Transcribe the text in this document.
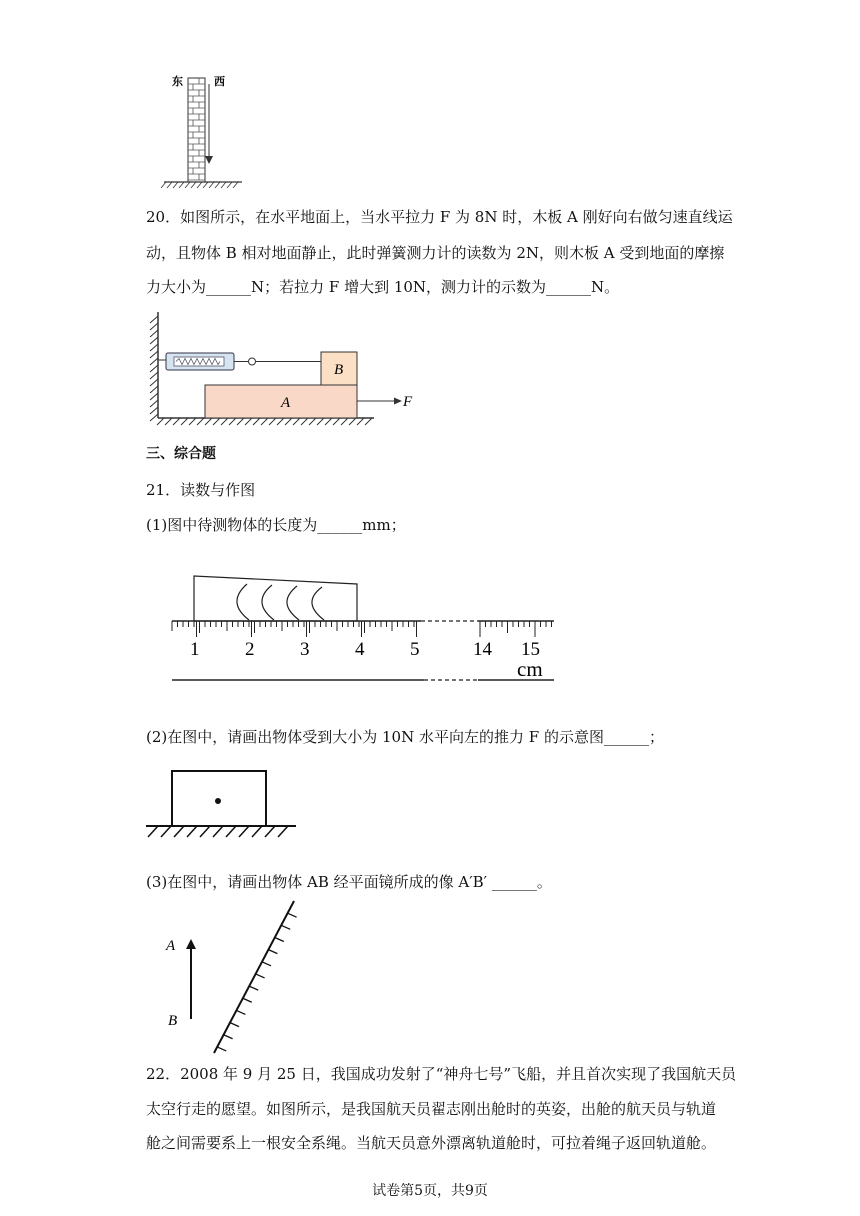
东	西
20．如图所示，在水平地面上，当水平拉力 F 为 8N 时，木板 A 刚好向右做匀速直线运
动，且物体 B 相对地面静止，此时弹簧测力计的读数为 2N，则木板 A 受到地面的摩擦
力大小为______N；若拉力 F 增大到 10N，测力计的示数为______N。
B
A	F
三、综合题
21．读数与作图
(1)图中待测物体的长度为______mm；
1 2 3 4 5	14 15
cm
(2)在图中，请画出物体受到大小为 10N 水平向左的推力 F 的示意图______；
(3)在图中，请画出物体 AB 经平面镜所成的像 A′B′ ______。
A
B
22．2008 年 9 月 25 日，我国成功发射了“神舟七号”飞船，并且首次实现了我国航天员
太空行走的愿望。如图所示，是我国航天员翟志刚出舱时的英姿，出舱的航天员与轨道
舱之间需要系上一根安全系绳。当航天员意外漂离轨道舱时，可拉着绳子返回轨道舱。
试卷第5页，共9页
